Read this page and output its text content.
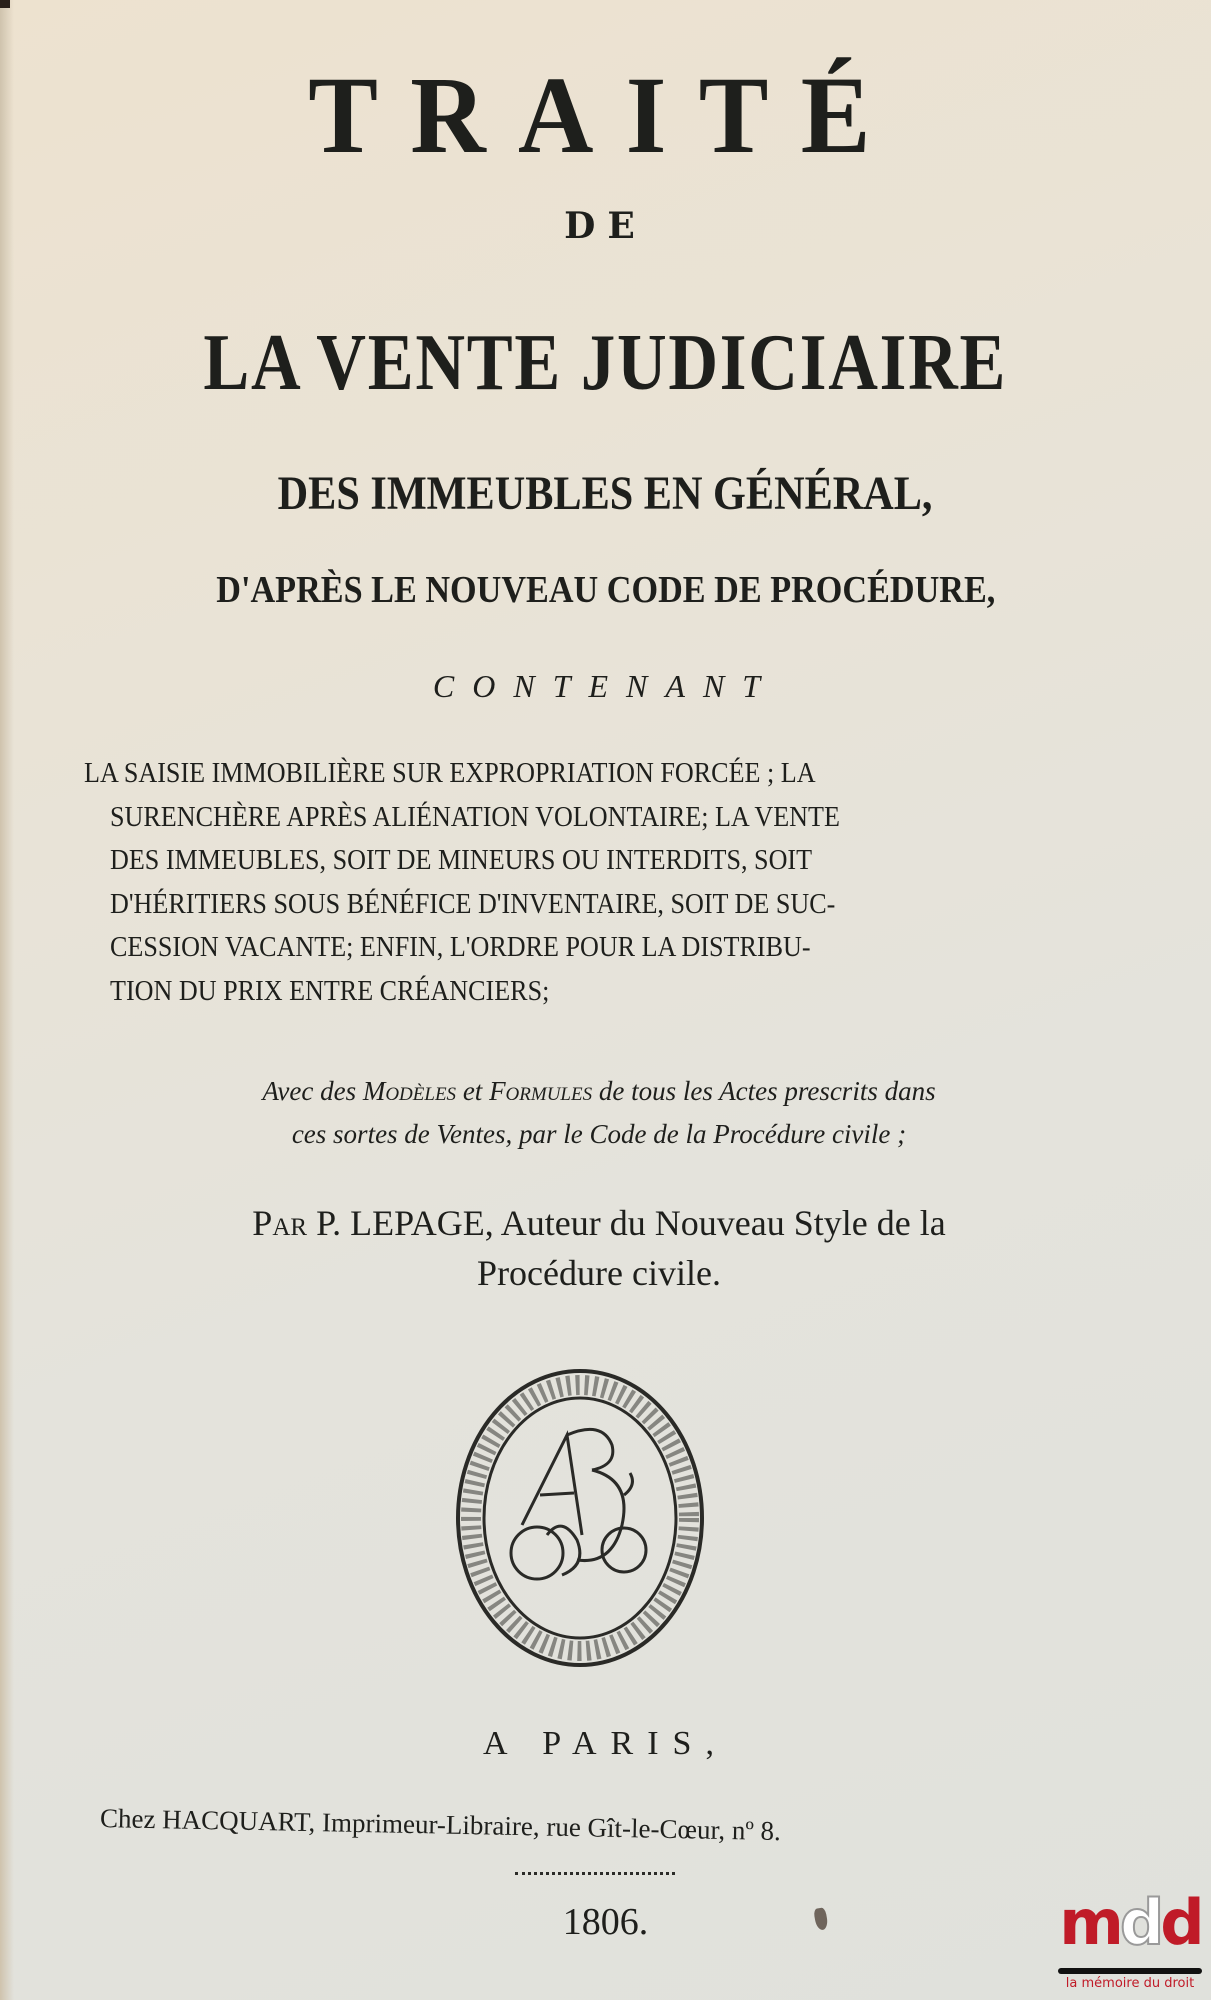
TRAITÉ
DE
LA VENTE JUDICIAIRE
DES IMMEUBLES EN GÉNÉRAL,
D'APRÈS LE NOUVEAU CODE DE PROCÉDURE,
CONTENANT
LA SAISIE IMMOBILIÈRE SUR EXPROPRIATION FORCÉE ; LA
SURENCHÈRE APRÈS ALIÉNATION VOLONTAIRE; LA VENTE
DES IMMEUBLES, SOIT DE MINEURS OU INTERDITS, SOIT
D'HÉRITIERS SOUS BÉNÉFICE D'INVENTAIRE, SOIT DE SUC-
CESSION VACANTE; ENFIN, L'ORDRE POUR LA DISTRIBU-
TION DU PRIX ENTRE CRÉANCIERS;
Avec des Modèles et Formules de tous les Actes prescrits dans
ces sortes de Ventes, par le Code de la Procédure civile ;
Par P. LEPAGE, Auteur du Nouveau Style de la
Procédure civile.
A PARIS,
Chez HACQUART, Imprimeur-Libraire, rue Gît-le-Cœur, nº 8.
1806.	mdd
la mémoire du droit
